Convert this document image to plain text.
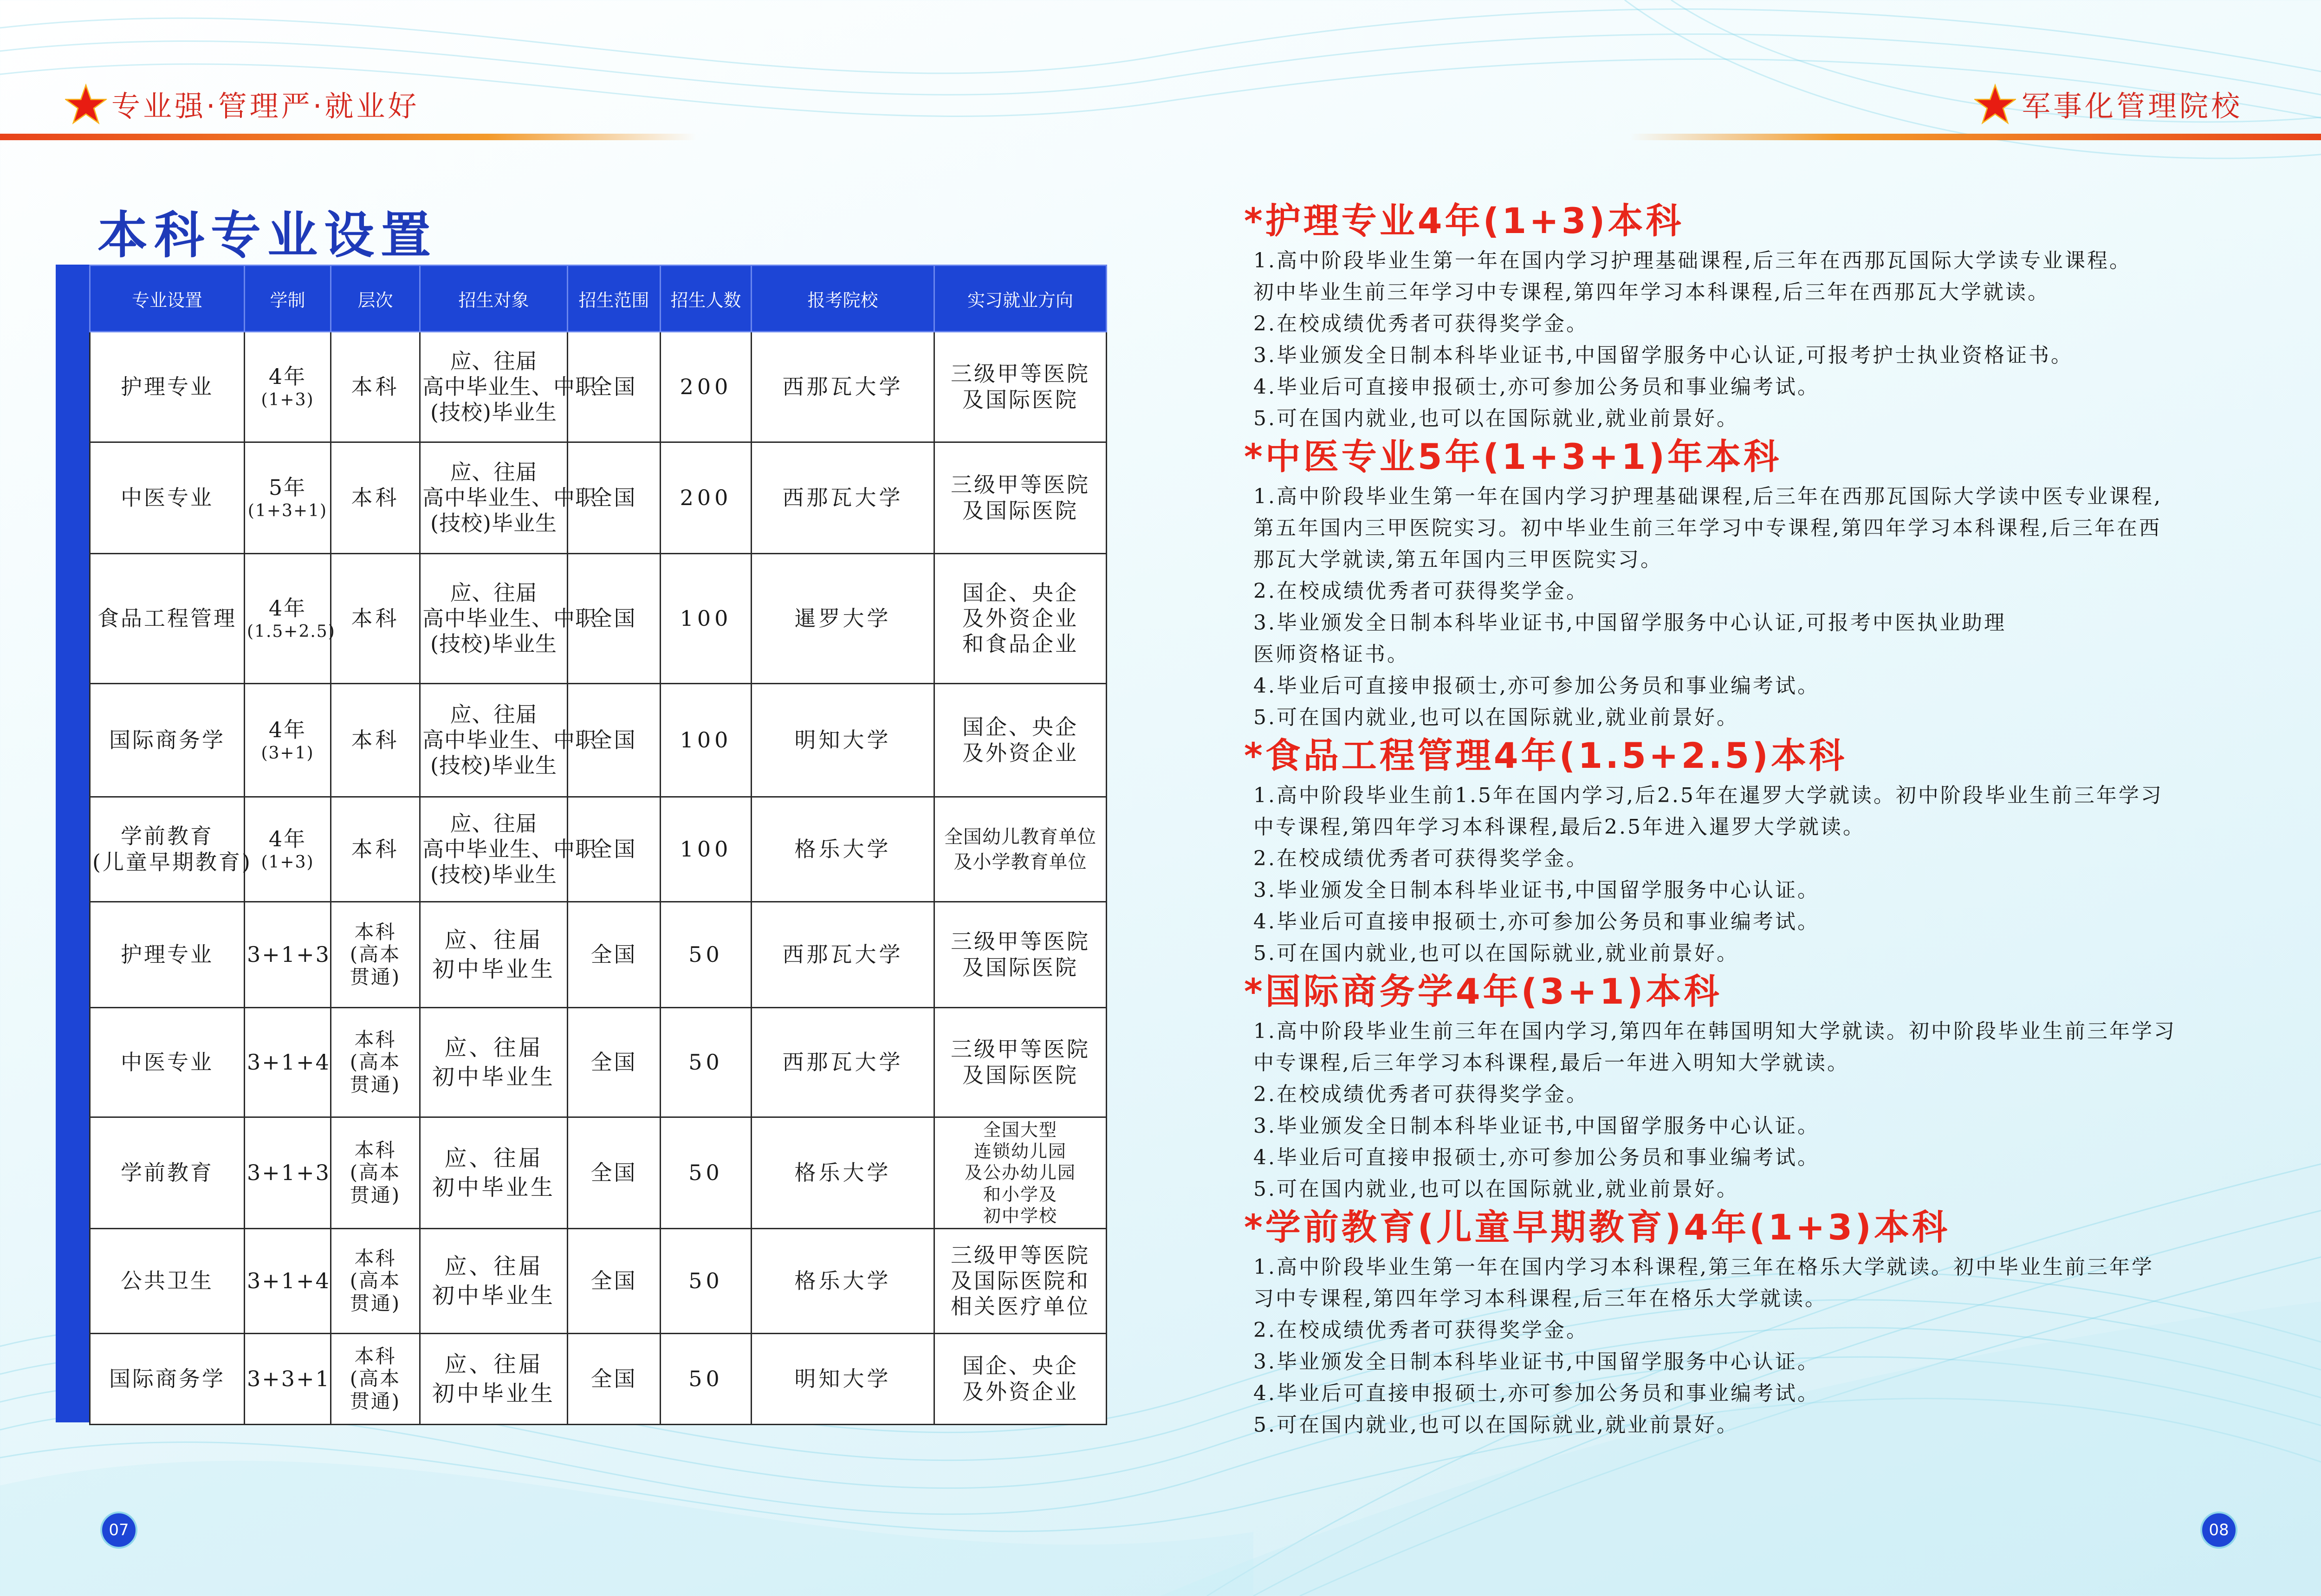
专业强·管理严·就业好	军事化管理院校
本科专业设置
专业设置	学制	层次	招生对象	招生范围	招生人数	报考院校	实习就业方向

护理专业	4年
(1+3)	本科	应、往届
高中毕业生、中职
(技校)毕业生	全国	200	西那瓦大学	三级甲等医院
及国际医院

中医专业	5年
(1+3+1)	本科	应、往届
高中毕业生、中职
(技校)毕业生	全国	200	西那瓦大学	三级甲等医院
及国际医院

食品工程管理	4年
(1.5+2.5)	本科	应、往届
高中毕业生、中职
(技校)毕业生	全国	100	暹罗大学	国企、央企
及外资企业
和食品企业

国际商务学	4年
(3+1)	本科	应、往届
高中毕业生、中职
(技校)毕业生	全国	100	明知大学	国企、央企
及外资企业

学前教育
(儿童早期教育)	4年
(1+3)	本科	应、往届
高中毕业生、中职
(技校)毕业生	全国	100	格乐大学	全国幼儿教育单位
及小学教育单位

护理专业	3+1+3	本科
(高本
贯通)	应、往届
初中毕业生	全国	50	西那瓦大学	三级甲等医院
及国际医院

中医专业	3+1+4	本科
(高本
贯通)	应、往届
初中毕业生	全国	50	西那瓦大学	三级甲等医院
及国际医院

学前教育	3+1+3	本科
(高本
贯通)	应、往届
初中毕业生	全国	50	格乐大学	全国大型
连锁幼儿园
及公办幼儿园
和小学及
初中学校

公共卫生	3+1+4	本科
(高本
贯通)	应、往届
初中毕业生	全国	50	格乐大学	三级甲等医院
及国际医院和
相关医疗单位

国际商务学	3+3+1	本科
(高本
贯通)	应、往届
初中毕业生	全国	50	明知大学	国企、央企
及外资企业
*护理专业4年(1+3)本科
1.高中阶段毕业生第一年在国内学习护理基础课程,后三年在西那瓦国际大学读专业课程。
初中毕业生前三年学习中专课程,第四年学习本科课程,后三年在西那瓦大学就读。
2.在校成绩优秀者可获得奖学金。
3.毕业颁发全日制本科毕业证书,中国留学服务中心认证,可报考护士执业资格证书。
4.毕业后可直接申报硕士,亦可参加公务员和事业编考试。
5.可在国内就业,也可以在国际就业,就业前景好。
*中医专业5年(1+3+1)年本科
1.高中阶段毕业生第一年在国内学习护理基础课程,后三年在西那瓦国际大学读中医专业课程,
第五年国内三甲医院实习。初中毕业生前三年学习中专课程,第四年学习本科课程,后三年在西
那瓦大学就读,第五年国内三甲医院实习。
2.在校成绩优秀者可获得奖学金。
3.毕业颁发全日制本科毕业证书,中国留学服务中心认证,可报考中医执业助理
医师资格证书。
4.毕业后可直接申报硕士,亦可参加公务员和事业编考试。
5.可在国内就业,也可以在国际就业,就业前景好。
*食品工程管理4年(1.5+2.5)本科
1.高中阶段毕业生前1.5年在国内学习,后2.5年在暹罗大学就读。初中阶段毕业生前三年学习
中专课程,第四年学习本科课程,最后2.5年进入暹罗大学就读。
2.在校成绩优秀者可获得奖学金。
3.毕业颁发全日制本科毕业证书,中国留学服务中心认证。
4.毕业后可直接申报硕士,亦可参加公务员和事业编考试。
5.可在国内就业,也可以在国际就业,就业前景好。
*国际商务学4年(3+1)本科
1.高中阶段毕业生前三年在国内学习,第四年在韩国明知大学就读。初中阶段毕业生前三年学习
中专课程,后三年学习本科课程,最后一年进入明知大学就读。
2.在校成绩优秀者可获得奖学金。
3.毕业颁发全日制本科毕业证书,中国留学服务中心认证。
4.毕业后可直接申报硕士,亦可参加公务员和事业编考试。
5.可在国内就业,也可以在国际就业,就业前景好。
*学前教育(儿童早期教育)4年(1+3)本科
1.高中阶段毕业生第一年在国内学习本科课程,第三年在格乐大学就读。初中毕业生前三年学
习中专课程,第四年学习本科课程,后三年在格乐大学就读。
2.在校成绩优秀者可获得奖学金。
3.毕业颁发全日制本科毕业证书,中国留学服务中心认证。
4.毕业后可直接申报硕士,亦可参加公务员和事业编考试。
5.可在国内就业,也可以在国际就业,就业前景好。
07	08
